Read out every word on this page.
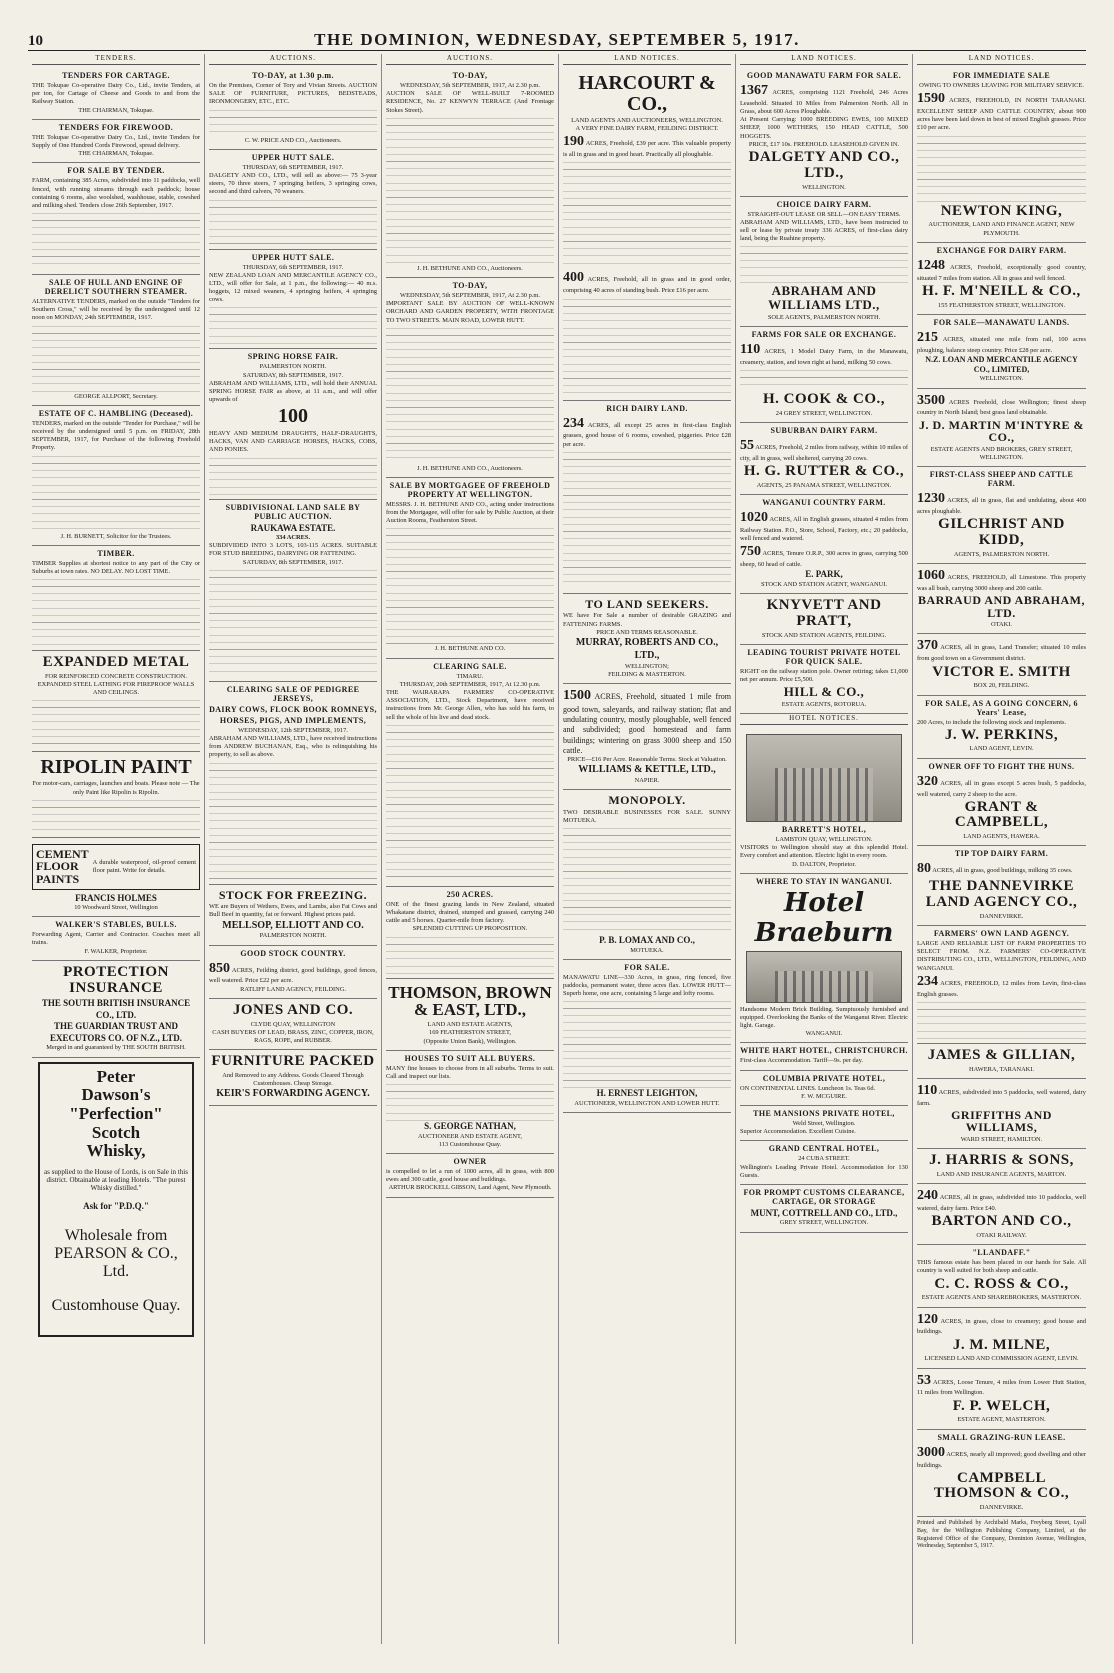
10	THE DOMINION, WEDNESDAY, SEPTEMBER 5, 1917.
TENDERS.
TENDERS FOR CARTAGE.

THE Tokupae Co-operative Dairy Co., Ltd., invite Tenders, at per ton, for Cartage of Cheese and Goods to and from the Railway Station.

THE CHAIRMAN, Tokupae.

TENDERS FOR FIREWOOD.

THE Tokupae Co-operative Dairy Co., Ltd., invite Tenders for Supply of One Hundred Cords Firewood, spread delivery.

THE CHAIRMAN, Tokupae.

FOR SALE BY TENDER.

FARM, containing 385 Acres, subdivided into 11 paddocks, well fenced, with running streams through each paddock; house containing 6 rooms, also woolshed, washhouse, stable, cowshed and milking shed. Tenders close 26th September, 1917.

SALE OF HULL AND ENGINE OF DERELICT SOUTHERN STEAMER.

ALTERNATIVE TENDERS, marked on the outside "Tenders for Southern Cross," will be received by the undersigned until 12 noon on MONDAY, 24th SEPTEMBER, 1917.

GEORGE ALLPORT, Secretary.

ESTATE OF C. HAMBLING (Deceased).

TENDERS, marked on the outside "Tender for Purchase," will be received by the undersigned until 5 p.m. on FRIDAY, 28th SEPTEMBER, 1917, for Purchase of the following Freehold Property.

J. H. BURNETT, Solicitor for the Trustees.

TIMBER.

TIMBER Supplies at shortest notice to any part of the City or Suburbs at town rates. NO DELAY. NO LOST TIME.

EXPANDED METAL

FOR REINFORCED CONCRETE CONSTRUCTION. EXPANDED STEEL LATHING FOR FIREPROOF WALLS AND CEILINGS.

RIPOLIN PAINT

For motor-cars, carriages, launches and boats. Please note — The only Paint like Ripolin is Ripolin.

CEMENT
FLOOR
PAINTS

A durable waterproof, oil-proof cement floor paint. Write for details.

FRANCIS HOLMES

10 Woodward Street, Wellington

WALKER'S STABLES, BULLS.

Forwarding Agent, Carrier and Contractor. Coaches meet all trains.

F. WALKER, Proprietor.

PROTECTION INSURANCE

THE SOUTH BRITISH INSURANCE CO., LTD.

THE GUARDIAN TRUST AND EXECUTORS CO. OF N.Z., LTD.

Merged in and guaranteed by THE SOUTH BRITISH.

Peter
Dawson's
"Perfection"
Scotch
Whisky,

as supplied to the House of Lords, is on Sale in this district. Obtainable at leading Hotels. "The purest Whisky distilled."

Ask for "P.D.Q."

Wholesale from PEARSON & CO., Ltd.

Customhouse Quay.

AUCTIONS.
TO-DAY, at 1.30 p.m.

On the Premises, Corner of Tory and Vivian Streets. AUCTION SALE OF FURNITURE, PICTURES, BEDSTEADS, IRONMONGERY, ETC., ETC.

C. W. PRICE AND CO., Auctioneers.

UPPER HUTT SALE.

THURSDAY, 6th SEPTEMBER, 1917.

DALGETY AND CO., LTD., will sell as above:— 75 3-year steers, 70 three steers, 7 springing heifers, 3 springing cows, second and third calvers, 70 weaners.

UPPER HUTT SALE.

THURSDAY, 6th SEPTEMBER, 1917.

NEW ZEALAND LOAN AND MERCANTILE AGENCY CO., LTD., will offer for Sale, at 1 p.m., the following:— 40 m.s. hoggets, 12 mixed weaners, 4 springing heifers, 4 springing cows.

SPRING HORSE FAIR.

PALMERSTON NORTH.

SATURDAY, 8th SEPTEMBER, 1917.

ABRAHAM AND WILLIAMS, LTD., will hold their ANNUAL SPRING HORSE FAIR as above, at 11 a.m., and will offer upwards of

100

HEAVY AND MEDIUM DRAUGHTS, HALF-DRAUGHTS, HACKS, VAN AND CARRIAGE HORSES, HACKS, COBS, AND PONIES.

SUBDIVISIONAL LAND SALE BY PUBLIC AUCTION.

RAUKAWA ESTATE.

334 ACRES.

SUBDIVIDED INTO 3 LOTS, 103-115 ACRES. SUITABLE FOR STUD BREEDING, DAIRYING OR FATTENING.

SATURDAY, 8th SEPTEMBER, 1917.

CLEARING SALE OF PEDIGREE JERSEYS,
DAIRY COWS, FLOCK BOOK ROMNEYS,
HORSES, PIGS, AND IMPLEMENTS,

WEDNESDAY, 12th SEPTEMBER, 1917.

ABRAHAM AND WILLIAMS, LTD., have received instructions from ANDREW BUCHANAN, Esq., who is relinquishing his property, to sell as above.

STOCK FOR FREEZING.

WE are Buyers of Wethers, Ewes, and Lambs, also Fat Cows and Bull Beef in quantity, fat or forward. Highest prices paid.

MELLSOP, ELLIOTT AND CO.

PALMERSTON NORTH.

GOOD STOCK COUNTRY.

850 ACRES, Feilding district, good buildings, good fences, well watered. Price £22 per acre.

RATLIFF LAND AGENCY, FEILDING.

JONES AND CO.

CLYDE QUAY, WELLINGTON

CASH BUYERS OF LEAD, BRASS, ZINC, COPPER, IRON, RAGS, ROPE, and RUBBER.

FURNITURE PACKED

And Removed to any Address. Goods Cleared Through Customhouses. Cheap Storage.

KEIR'S FORWARDING AGENCY.

AUCTIONS.
TO-DAY,

WEDNESDAY, 5th SEPTEMBER, 1917, At 2.30 p.m.

AUCTION SALE OF WELL-BUILT 7-ROOMED RESIDENCE, No. 27 KENWYN TERRACE (And Frontage Stokes Street).

J. H. BETHUNE AND CO., Auctioneers.

TO-DAY,

WEDNESDAY, 5th SEPTEMBER, 1917, At 2.30 p.m.

IMPORTANT SALE BY AUCTION OF WELL-KNOWN ORCHARD AND GARDEN PROPERTY, WITH FRONTAGE TO TWO STREETS. MAIN ROAD, LOWER HUTT.

J. H. BETHUNE AND CO., Auctioneers.

SALE BY MORTGAGEE OF FREEHOLD PROPERTY AT WELLINGTON.

MESSRS. J. H. BETHUNE AND CO., acting under instructions from the Mortgagee, will offer for sale by Public Auction, at their Auction Rooms, Featherston Street.

J. H. BETHUNE AND CO.

CLEARING SALE.

TIMARU.

THURSDAY, 20th SEPTEMBER, 1917, At 12.30 p.m.

THE WAIRARAPA FARMERS' CO-OPERATIVE ASSOCIATION, LTD., Stock Department, have received instructions from Mr. George Allen, who has sold his farm, to sell the whole of his live and dead stock.

250 ACRES.

ONE of the finest grazing lands in New Zealand, situated Whakatane district, drained, stumped and grassed, carrying 240 cattle and 5 horses. Quarter-mile from factory.

SPLENDID CUTTING UP PROPOSITION.

THOMSON, BROWN & EAST, LTD.,

LAND AND ESTATE AGENTS,

169 FEATHERSTON STREET,

(Opposite Union Bank), Wellington.

HOUSES TO SUIT ALL BUYERS.

MANY fine houses to choose from in all suburbs. Terms to suit. Call and inspect our lists.

S. GEORGE NATHAN,

AUCTIONEER AND ESTATE AGENT,

113 Customhouse Quay.

OWNER

is compelled to let a run of 1000 acres, all in grass, with 800 ewes and 300 cattle, good house and buildings.

ARTHUR BROCKELL GIBSON, Land Agent, New Plymouth.

LAND NOTICES.
HARCOURT & CO.,

LAND AGENTS AND AUCTIONEERS, WELLINGTON.

A VERY FINE DAIRY FARM, FEILDING DISTRICT.

190 ACRES, Freehold, £39 per acre. This valuable property is all in grass and in good heart. Practically all ploughable.

400 ACRES, Freehold, all in grass and in good order, comprising 40 acres of standing bush. Price £16 per acre.

RICH DAIRY LAND.

234 ACRES, all except 25 acres in first-class English grasses, good house of 6 rooms, cowshed, piggeries. Price £28 per acre.

TO LAND SEEKERS.

WE have For Sale a number of desirable GRAZING and FATTENING FARMS.

PRICE AND TERMS REASONABLE.

MURRAY, ROBERTS AND CO., LTD.,

WELLINGTON;

FEILDING & MASTERTON.

1500 ACRES, Freehold, situated 1 mile from good town, saleyards, and railway station; flat and undulating country, mostly ploughable, well fenced and subdivided; good homestead and farm buildings; wintering on grass 3000 sheep and 150 cattle.

PRICE—£16 Per Acre. Reasonable Terms. Stock at Valuation.

WILLIAMS & KETTLE, LTD.,

NAPIER.

MONOPOLY.

TWO DESIRABLE BUSINESSES FOR SALE. SUNNY MOTUEKA.

P. B. LOMAX AND CO.,

MOTUEKA.

FOR SALE.

MANAWATU LINE—330 Acres, in grass, ring fenced, five paddocks, permanent water, three acres flax. LOWER HUTT—Superb home, one acre, containing 5 large and lofty rooms.

H. ERNEST LEIGHTON,

AUCTIONEER, WELLINGTON AND LOWER HUTT.

LAND NOTICES.
GOOD MANAWATU FARM FOR SALE.

1367 ACRES, comprising 1121 Freehold, 246 Acres Leasehold. Situated 10 Miles from Palmerston North. All in Grass, about 600 Acres Ploughable.

At Present Carrying: 1000 BREEDING EWES, 100 MIXED SHEEP, 1000 WETHERS, 150 HEAD CATTLE, 500 HOGGETS.

PRICE, £17 10s. FREEHOLD. LEASEHOLD GIVEN IN.

DALGETY AND CO., LTD.,

WELLINGTON.

CHOICE DAIRY FARM.

STRAIGHT-OUT LEASE OR SELL—ON EASY TERMS.

ABRAHAM AND WILLIAMS, LTD., have been instructed to sell or lease by private treaty 336 ACRES, of first-class dairy land, being the Ruahine property.

ABRAHAM AND WILLIAMS LTD.,

SOLE AGENTS, PALMERSTON NORTH.

FARMS FOR SALE OR EXCHANGE.

110 ACRES, 1 Model Dairy Farm, in the Manawatu, creamery, station, and town right at hand, milking 50 cows.

H. COOK & CO.,

24 GREY STREET, WELLINGTON.

SUBURBAN DAIRY FARM.

55 ACRES, Freehold, 2 miles from railway, within 10 miles of city, all in grass, well sheltered, carrying 20 cows.

H. G. RUTTER & CO.,

AGENTS, 25 PANAMA STREET, WELLINGTON.

WANGANUI COUNTRY FARM.

1020 ACRES, All in English grasses, situated 4 miles from Railway Station. P.O., Store, School, Factory, etc.; 20 paddocks, well fenced and watered.

750 ACRES, Tenure O.R.P., 300 acres in grass, carrying 500 sheep, 60 head of cattle.

E. PARK,

STOCK AND STATION AGENT, WANGANUI.

KNYVETT AND PRATT,

STOCK AND STATION AGENTS, FEILDING.

LEADING TOURIST PRIVATE HOTEL FOR QUICK SALE.

RIGHT on the railway station pole. Owner retiring; takes £1,000 net per annum. Price £5,500.

HILL & CO.,

ESTATE AGENTS, ROTORUA.

HOTEL NOTICES.
BARRETT'S HOTEL,

LAMBTON QUAY, WELLINGTON.

VISITORS to Wellington should stay at this splendid Hotel. Every comfort and attention. Electric light in every room.

D. DALTON, Proprietor.

WHERE TO STAY IN WANGANUI.
Hotel Braeburn

Handsome Modern Brick Building. Sumptuously furnished and equipped. Overlooking the Banks of the Wanganui River. Electric light. Garage.

WANGANUI.

WHITE HART HOTEL, CHRISTCHURCH.

First-class Accommodation. Tariff—9s. per day.

COLUMBIA PRIVATE HOTEL,

ON CONTINENTAL LINES. Luncheon 1s. Teas 6d.

F. W. MCGUIRE.

THE MANSIONS PRIVATE HOTEL,

Weld Street, Wellington.

Superior Accommodation. Excellent Cuisine.

GRAND CENTRAL HOTEL,

24 CUBA STREET.

Wellington's Leading Private Hotel. Accommodation for 130 Guests.

FOR PROMPT CUSTOMS CLEARANCE, CARTAGE, OR STORAGE

MUNT, COTTRELL AND CO., LTD.,

GREY STREET, WELLINGTON.

LAND NOTICES.
FOR IMMEDIATE SALE

OWING TO OWNERS LEAVING FOR MILITARY SERVICE.

1590 ACRES, FREEHOLD, IN NORTH TARANAKI. EXCELLENT SHEEP AND CATTLE COUNTRY, about 900 acres have been laid down in best of mixed English grasses. Price £10 per acre.

NEWTON KING,

AUCTIONEER, LAND AND FINANCE AGENT, NEW PLYMOUTH.

EXCHANGE FOR DAIRY FARM.

1248 ACRES, Freehold, exceptionally good country, situated 7 miles from station. All in grass and well fenced.

H. F. M'NEILL & CO.,

155 FEATHERSTON STREET, WELLINGTON.

FOR SALE—MANAWATU LANDS.

215 ACRES, situated one mile from rail, 100 acres ploughing, balance steep country. Price £28 per acre.

N.Z. LOAN AND MERCANTILE AGENCY CO., LIMITED,

WELLINGTON.

3500 ACRES Freehold, close Wellington; finest sheep country in North Island; best grass land obtainable.

J. D. MARTIN M'INTYRE & CO.,

ESTATE AGENTS AND BROKERS, GREY STREET, WELLINGTON.

FIRST-CLASS SHEEP AND CATTLE FARM.

1230 ACRES, all in grass, flat and undulating, about 400 acres ploughable.

GILCHRIST AND KIDD,

AGENTS, PALMERSTON NORTH.

1060 ACRES, FREEHOLD, all Limestone. This property was all bush, carrying 3000 sheep and 200 cattle.

BARRAUD AND ABRAHAM, LTD.

OTAKI.

370 ACRES, all in grass, Land Transfer; situated 10 miles from good town on a Government district.

VICTOR E. SMITH

BOX 20, FEILDING.

FOR SALE, AS A GOING CONCERN, 6 Years' Lease,

200 Acres, to include the following stock and implements.

J. W. PERKINS,

LAND AGENT, LEVIN.

OWNER OFF TO FIGHT THE HUNS.

320 ACRES, all in grass except 5 acres bush, 5 paddocks, well watered, carry 2 sheep to the acre.

GRANT & CAMPBELL,

LAND AGENTS, HAWERA.

TIP TOP DAIRY FARM.

80 ACRES, all in grass, good buildings, milking 35 cows.

THE DANNEVIRKE LAND AGENCY CO.,

DANNEVIRKE.

FARMERS' OWN LAND AGENCY.

LARGE AND RELIABLE LIST OF FARM PROPERTIES TO SELECT FROM. N.Z. FARMERS' CO-OPERATIVE DISTRIBUTING CO., LTD., WELLINGTON, FEILDING, AND WANGANUI.

234 ACRES, FREEHOLD, 12 miles from Levin, first-class English grasses.

JAMES & GILLIAN,

HAWERA, TARANAKI.

110 ACRES, subdivided into 5 paddocks, well watered, dairy farm.

GRIFFITHS AND WILLIAMS,

WARD STREET, HAMILTON.

J. HARRIS & SONS,

LAND AND INSURANCE AGENTS, MARTON.

240 ACRES, all in grass, subdivided into 10 paddocks, well watered, dairy farm. Price £40.

BARTON AND CO.,

OTAKI RAILWAY.

"LLANDAFF."

THIS famous estate has been placed in our hands for Sale. All country is well suited for both sheep and cattle.

C. C. ROSS & CO.,

ESTATE AGENTS AND SHAREBROKERS, MASTERTON.

120 ACRES, in grass, close to creamery; good house and buildings.

J. M. MILNE,

LICENSED LAND AND COMMISSION AGENT, LEVIN.

53 ACRES, Loose Tenure, 4 miles from Lower Hutt Station, 11 miles from Wellington.

F. P. WELCH,

ESTATE AGENT, MASTERTON.

SMALL GRAZING-RUN LEASE.

3000 ACRES, nearly all improved; good dwelling and other buildings.

CAMPBELL THOMSON & CO.,

DANNEVIRKE.

Printed and Published by Archibald Marks, Freyberg Street, Lyall Bay, for the Wellington Publishing Company, Limited, at the Registered Office of the Company, Dominion Avenue, Wellington, Wednesday, September 5, 1917.
